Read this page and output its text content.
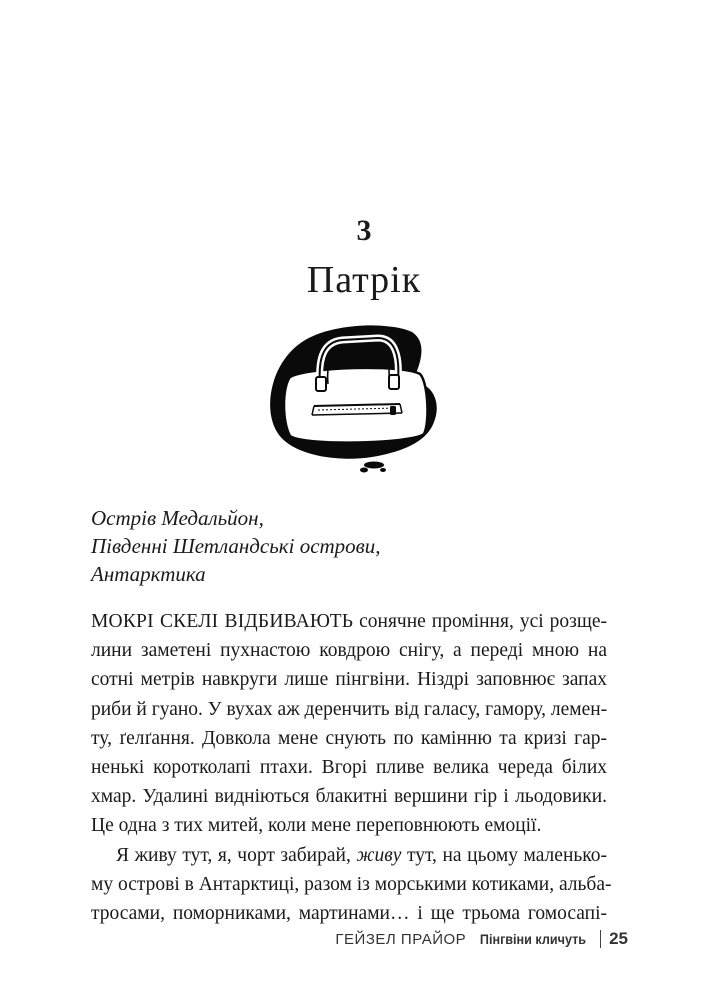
3
Патрік
Острів Медальйон,
Південні Шетландські острови,
Антарктика
МОКРІ СКЕЛІ ВІДБИВАЮТЬ сонячне проміння, усі розще-
лини заметені пухнастою ковдрою снігу, а переді мною на
сотні метрів навкруги лише пінгвіни. Ніздрі заповнює запах
риби й гуано. У вухах аж деренчить від галасу, гамору, лемен-
ту, ґелґання. Довкола мене снують по камінню та кризі гар-
ненькі коротколапі птахи. Вгорі пливе велика череда білих
хмар. Удалині видніються блакитні вершини гір і льодовики.
Це одна з тих митей, коли мене переповнюють емоції.
Я живу тут, я, чорт забирай, живу тут, на цьому маленько-
му острові в Антарктиці, разом із морськими котиками, альба-
тросами, поморниками, мартинами… і ще трьома гомосапі-
ГЕЙЗЕЛ ПРАЙОР Пінгвіни кличуть 25
